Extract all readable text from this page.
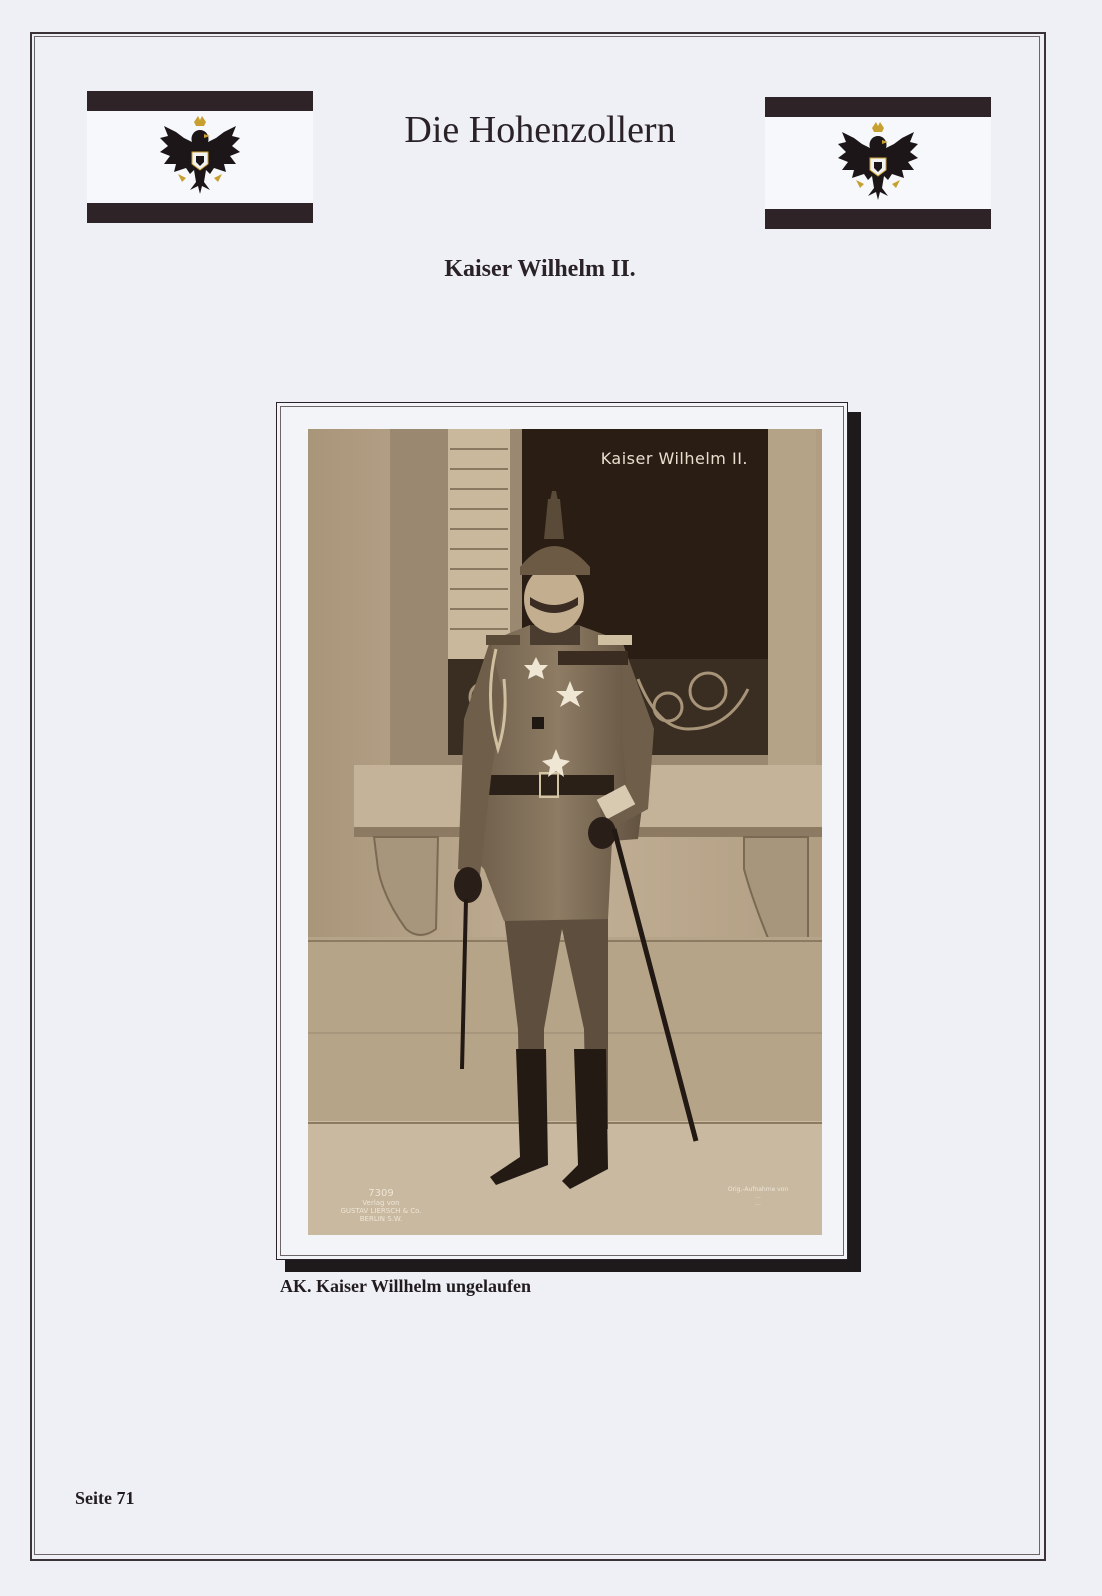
Die Hohenzollern
Kaiser Wilhelm II.
Kaiser Wilhelm II.
7309
Verlag von
GUSTAV LIERSCH & Co.
BERLIN S.W.
Orig.-Aufnahme von
...
...
AK. Kaiser Willhelm ungelaufen
Seite 71
